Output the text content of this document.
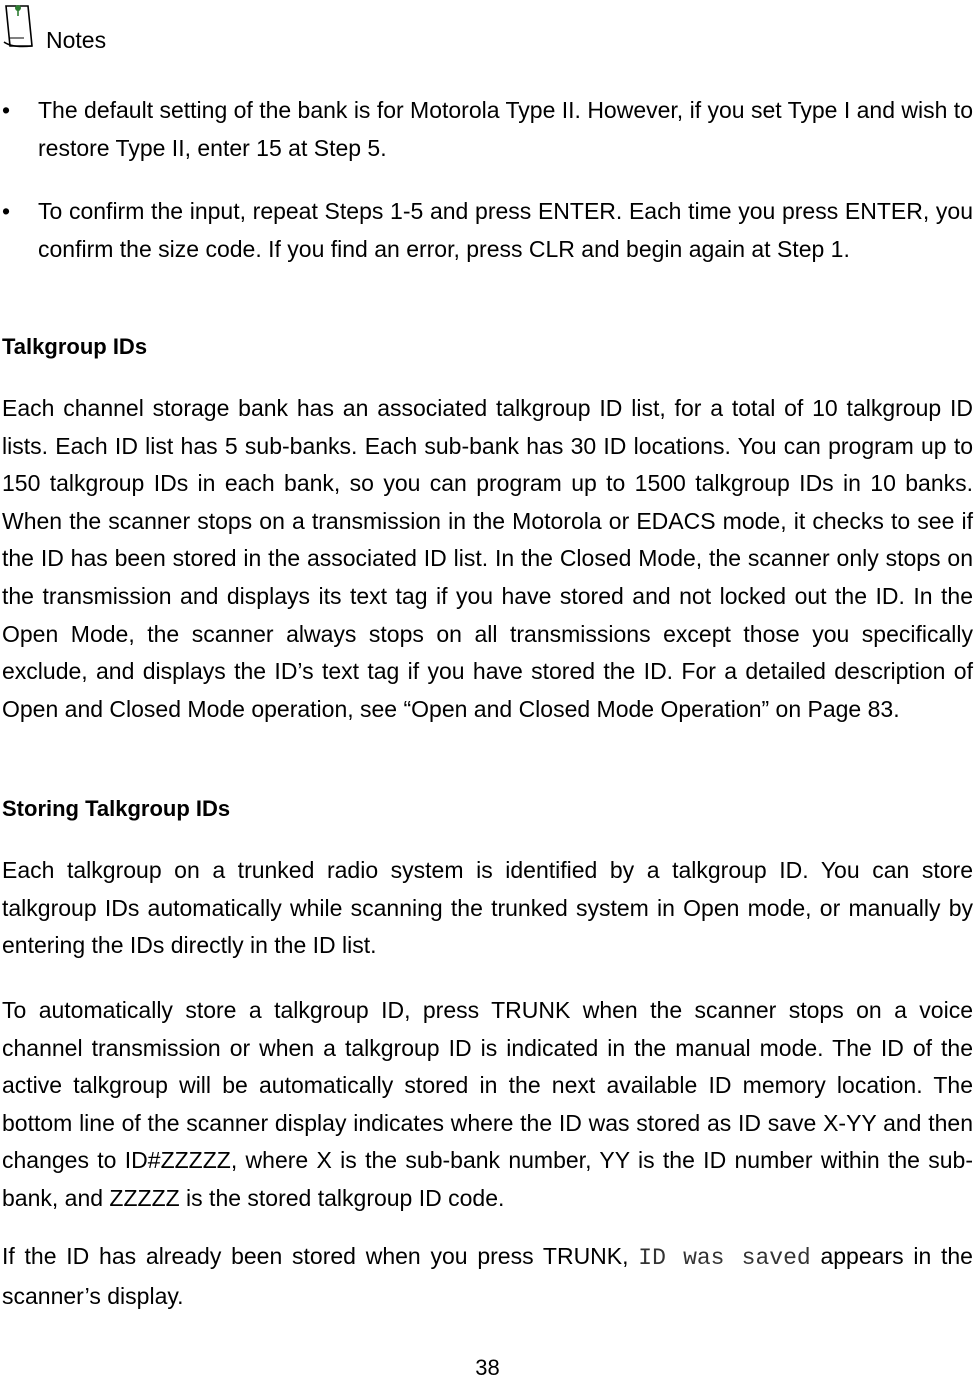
Notes
• The default setting of the bank is for Motorola Type II. However, if you set Type I and wish to restore Type II, enter 15 at Step 5.
• To confirm the input, repeat Steps 1-5 and press ENTER. Each time you press ENTER, you confirm the size code. If you find an error, press CLR and begin again at Step 1.
Talkgroup IDs
Each channel storage bank has an associated talkgroup ID list, for a total of 10 talkgroup ID lists. Each ID list has 5 sub-banks. Each sub-bank has 30 ID locations. You can program up to 150 talkgroup IDs in each bank, so you can program up to 1500 talkgroup IDs in 10 banks. When the scanner stops on a transmission in the Motorola or EDACS mode, it checks to see if the ID has been stored in the associated ID list. In the Closed Mode, the scanner only stops on the transmission and displays its text tag if you have stored and not locked out the ID. In the Open Mode, the scanner always stops on all transmissions except those you specifically exclude, and displays the ID’s text tag if you have stored the ID. For a detailed description of Open and Closed Mode operation, see “Open and Closed Mode Operation” on Page 83.
Storing Talkgroup IDs
Each talkgroup on a trunked radio system is identified by a talkgroup ID. You can store talkgroup IDs automatically while scanning the trunked system in Open mode, or manually by entering the IDs directly in the ID list.
To automatically store a talkgroup ID, press TRUNK when the scanner stops on a voice channel transmission or when a talkgroup ID is indicated in the manual mode. The ID of the active talkgroup will be automatically stored in the next available ID memory location. The bottom line of the scanner display indicates where the ID was stored as ID save X-YY and then changes to ID#ZZZZZ, where X is the sub-bank number, YY is the ID number within the sub-bank, and ZZZZZ is the stored talkgroup ID code.
If the ID has already been stored when you press TRUNK, ID was saved appears in the scanner’s display.
38
